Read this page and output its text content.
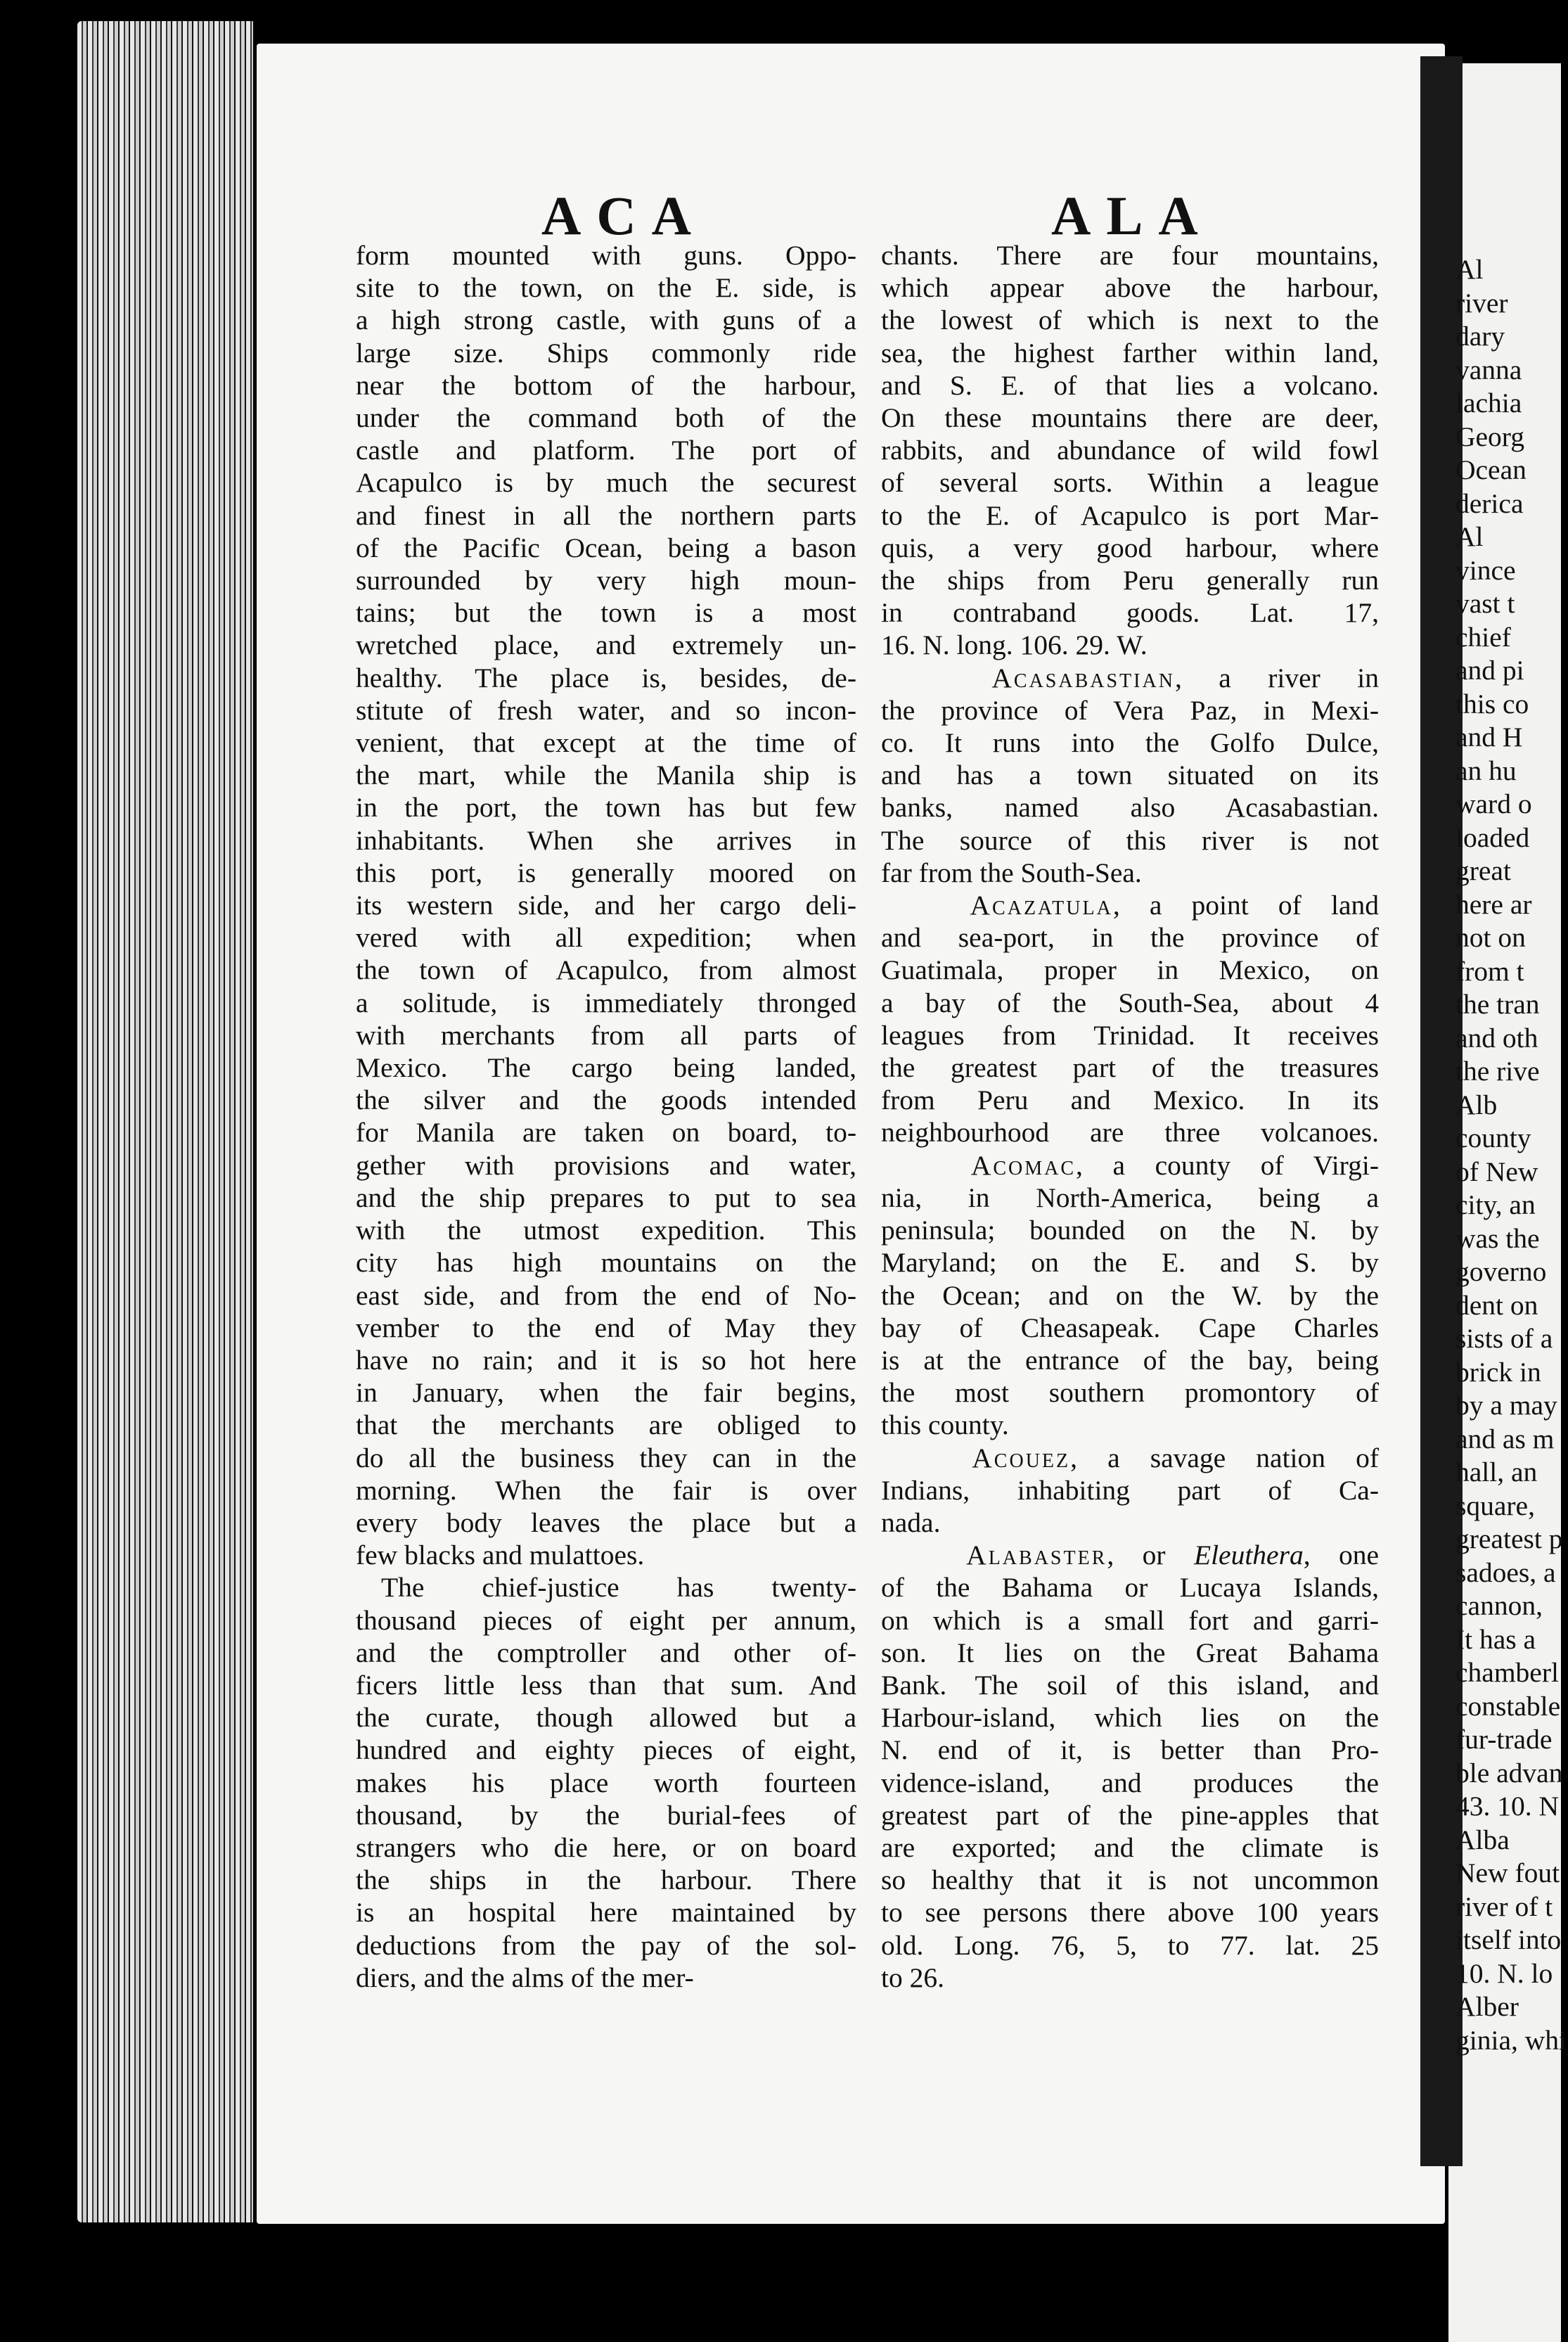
ACA	ALA
form mounted with guns. Oppo-
site to the town, on the E. side, is
a high strong castle, with guns of a
large size. Ships commonly ride
near the bottom of the harbour,
under the command both of the
castle and platform. The port of
Acapulco is by much the securest
and finest in all the northern parts
of the Pacific Ocean, being a bason
surrounded by very high moun-
tains; but the town is a most
wretched place, and extremely un-
healthy. The place is, besides, de-
stitute of fresh water, and so incon-
venient, that except at the time of
the mart, while the Manila ship is
in the port, the town has but few
inhabitants. When she arrives in
this port, is generally moored on
its western side, and her cargo deli-
vered with all expedition; when
the town of Acapulco, from almost
a solitude, is immediately thronged
with merchants from all parts of
Mexico. The cargo being landed,
the silver and the goods intended
for Manila are taken on board, to-
gether with provisions and water,
and the ship prepares to put to sea
with the utmost expedition. This
city has high mountains on the
east side, and from the end of No-
vember to the end of May they
have no rain; and it is so hot here
in January, when the fair begins,
that the merchants are obliged to
do all the business they can in the
morning. When the fair is over
every body leaves the place but a
few blacks and mulattoes.
The chief-justice has twenty-
thousand pieces of eight per annum,
and the comptroller and other of-
ficers little less than that sum. And
the curate, though allowed but a
hundred and eighty pieces of eight,
makes his place worth fourteen
thousand, by the burial-fees of
strangers who die here, or on board
the ships in the harbour. There
is an hospital here maintained by
deductions from the pay of the sol-
diers, and the alms of the mer-
chants. There are four mountains,
which appear above the harbour,
the lowest of which is next to the
sea, the highest farther within land,
and S. E. of that lies a volcano.
On these mountains there are deer,
rabbits, and abundance of wild fowl
of several sorts. Within a league
to the E. of Acapulco is port Mar-
quis, a very good harbour, where
the ships from Peru generally run
in contraband goods. Lat. 17,
16. N. long. 106. 29. W.
Acasabastian, a river in
the province of Vera Paz, in Mexi-
co. It runs into the Golfo Dulce,
and has a town situated on its
banks, named also Acasabastian.
The source of this river is not
far from the South-Sea.
Acazatula, a point of land
and sea-port, in the province of
Guatimala, proper in Mexico, on
a bay of the South-Sea, about 4
leagues from Trinidad. It receives
the greatest part of the treasures
from Peru and Mexico. In its
neighbourhood are three volcanoes.
Acomac, a county of Virgi-
nia, in North-America, being a
peninsula; bounded on the N. by
Maryland; on the E. and S. by
the Ocean; and on the W. by the
bay of Cheasapeak. Cape Charles
is at the entrance of the bay, being
the most southern promontory of
this county.
Acouez, a savage nation of
Indians, inhabiting part of Ca-
nada.
Alabaster, or Eleuthera, one
of the Bahama or Lucaya Islands,
on which is a small fort and garri-
son. It lies on the Great Bahama
Bank. The soil of this island, and
Harbour-island, which lies on the
N. end of it, is better than Pro-
vidence-island, and produces the
greatest part of the pine-apples that
are exported; and the climate is
so healthy that it is not uncommon
to see persons there above 100 years
old. Long. 76, 5, to 77. lat. 25
to 26.
Al
river
dary
vanna
lachia
Georg
Ocean
derica
Al
vince
vast t
chief
and pi
this co
and H
an hu
ward o
loaded
great
here ar
not on
from t
the tran
and oth
the rive
Alb
county
of New
city, an
was the
governo
dent on
sists of a
brick in
by a may
and as m
hall, an
square,
greatest p
sadoes, a
cannon,
It has a
chamberl
constable
fur-trade
ble advan
43. 10. N
Alba
New fout
river of t
itself into
10. N. lo
Alber
ginia, whi
